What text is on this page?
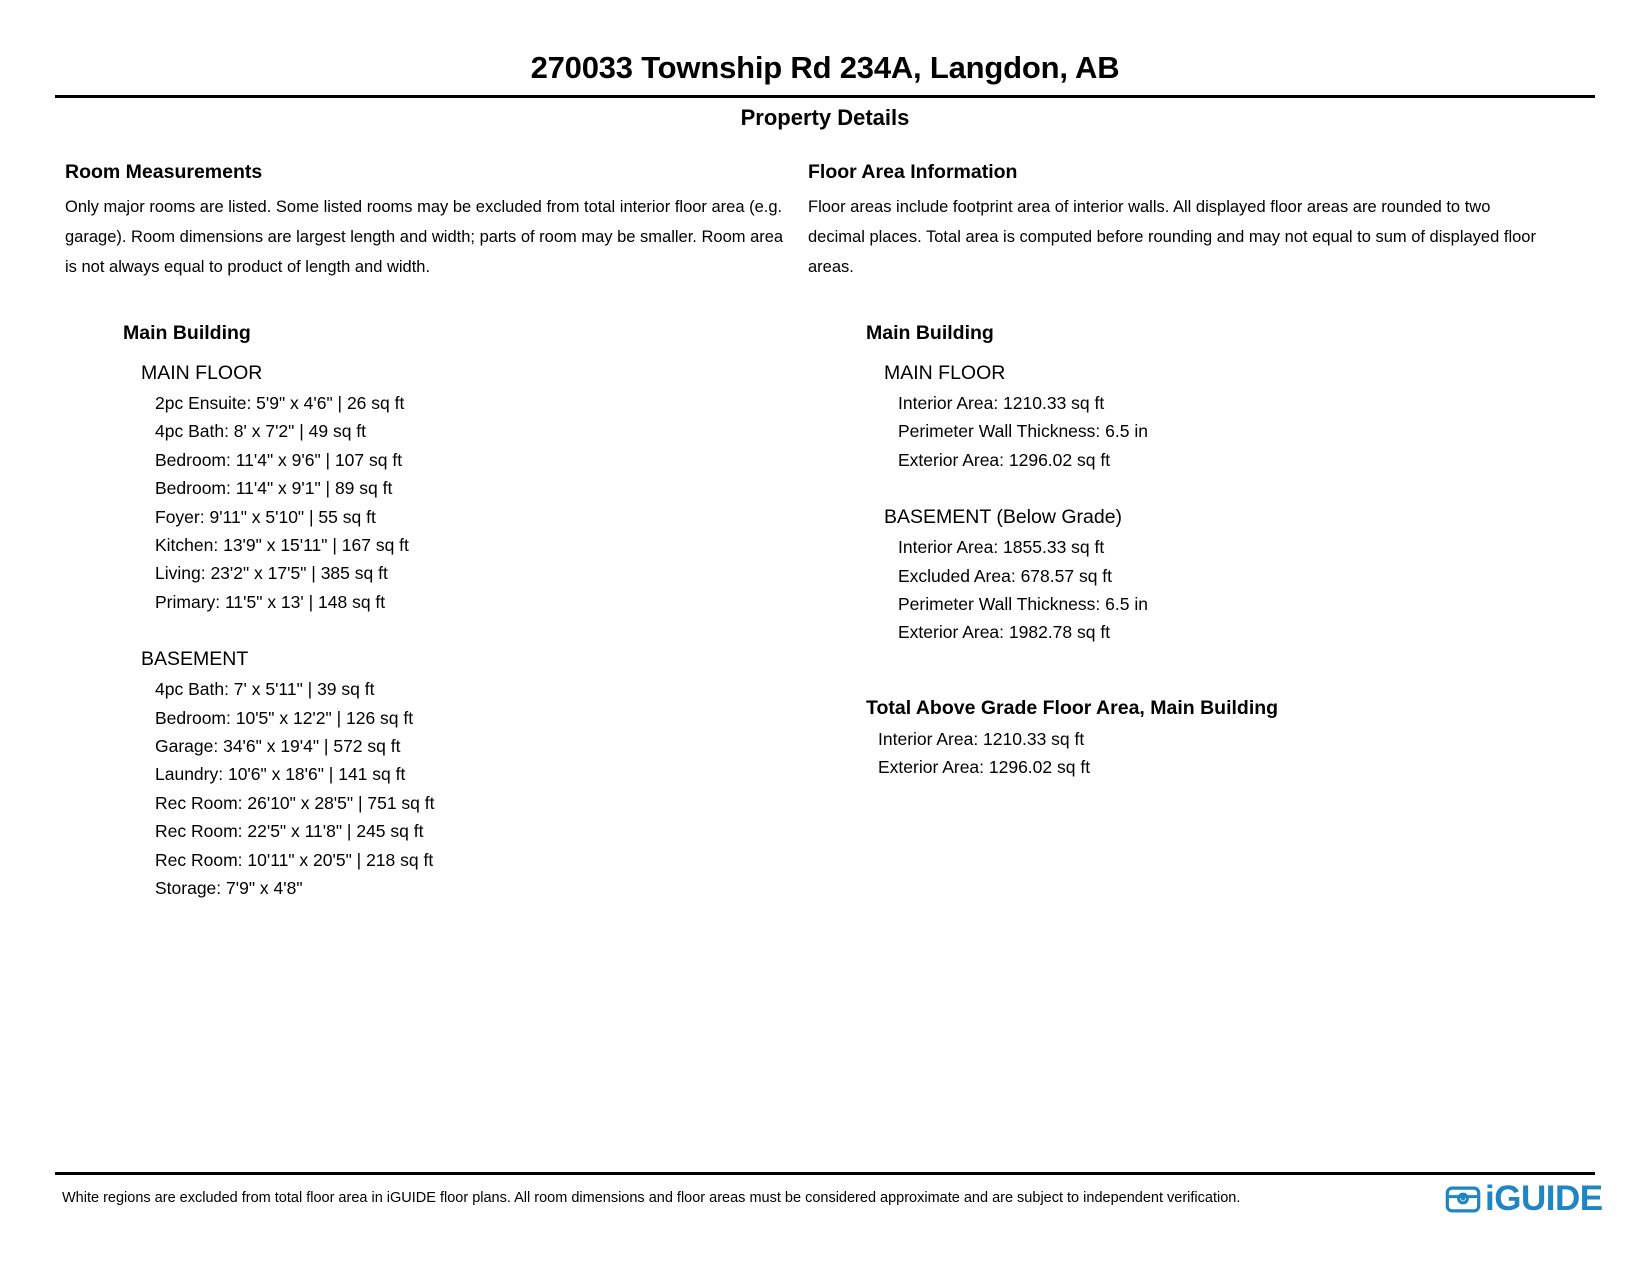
270033 Township Rd 234A, Langdon, AB
Property Details

Room Measurements

Only major rooms are listed. Some listed rooms may be excluded from total interior floor area (e.g. garage). Room dimensions are largest length and width; parts of room may be smaller. Room area is not always equal to product of length and width.

Main Building

MAIN FLOOR

2pc Ensuite: 5'9" x 4'6" | 26 sq ft
4pc Bath: 8' x 7'2" | 49 sq ft
Bedroom: 11'4" x 9'6" | 107 sq ft
Bedroom: 11'4" x 9'1" | 89 sq ft
Foyer: 9'11" x 5'10" | 55 sq ft
Kitchen: 13'9" x 15'11" | 167 sq ft
Living: 23'2" x 17'5" | 385 sq ft
Primary: 11'5" x 13' | 148 sq ft

BASEMENT

4pc Bath: 7' x 5'11" | 39 sq ft
Bedroom: 10'5" x 12'2" | 126 sq ft
Garage: 34'6" x 19'4" | 572 sq ft
Laundry: 10'6" x 18'6" | 141 sq ft
Rec Room: 26'10" x 28'5" | 751 sq ft
Rec Room: 22'5" x 11'8" | 245 sq ft
Rec Room: 10'11" x 20'5" | 218 sq ft
Storage: 7'9" x 4'8"

Floor Area Information

Floor areas include footprint area of interior walls. All displayed floor areas are rounded to two decimal places. Total area is computed before rounding and may not equal to sum of displayed floor areas.

Main Building

MAIN FLOOR

Interior Area: 1210.33 sq ft
Perimeter Wall Thickness: 6.5 in
Exterior Area: 1296.02 sq ft

BASEMENT (Below Grade)

Interior Area: 1855.33 sq ft
Excluded Area: 678.57 sq ft
Perimeter Wall Thickness: 6.5 in
Exterior Area: 1982.78 sq ft

Total Above Grade Floor Area, Main Building

Interior Area: 1210.33 sq ft
Exterior Area: 1296.02 sq ft
White regions are excluded from total floor area in iGUIDE floor plans. All room dimensions and floor areas must be considered approximate and are subject to independent verification.	iGUIDE
